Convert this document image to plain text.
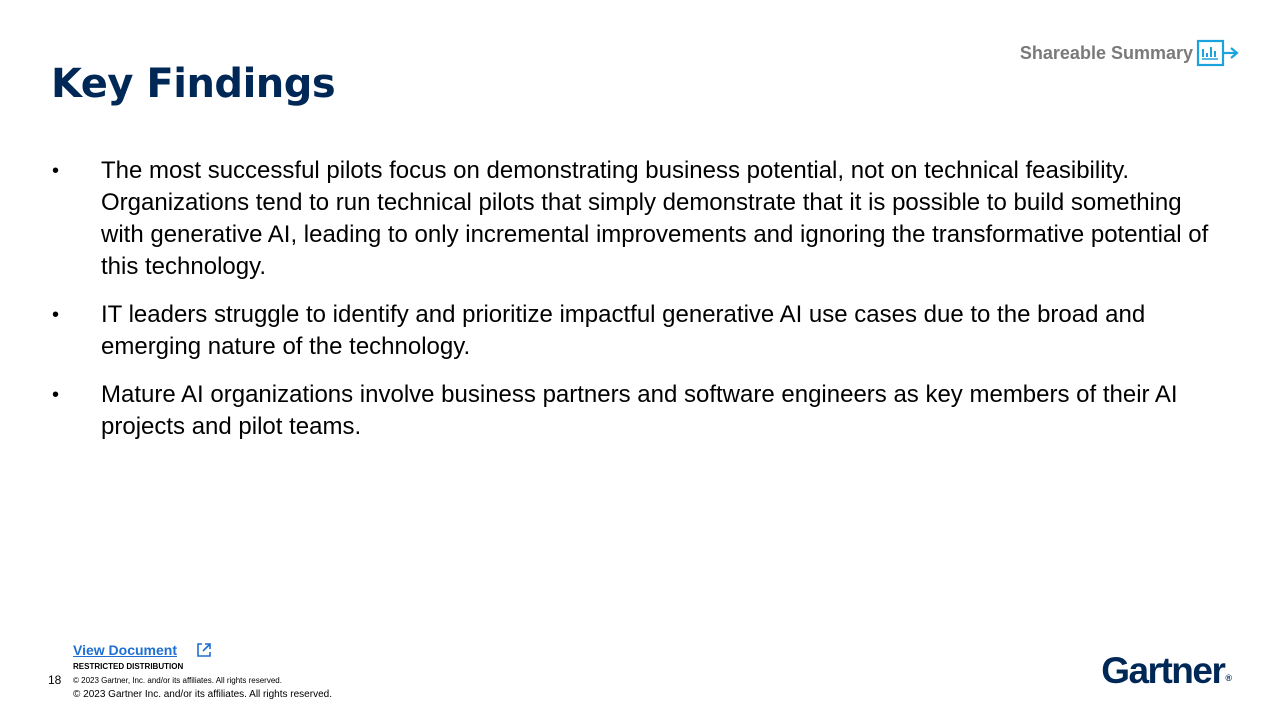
Key Findings
Shareable Summary
• The most successful pilots focus on demonstrating business potential, not on technical feasibility. Organizations tend to run technical pilots that simply demonstrate that it is possible to build something with generative AI, leading to only incremental improvements and ignoring the transformative potential of this technology.
• IT leaders struggle to identify and prioritize impactful generative AI use cases due to the broad and emerging nature of the technology.
• Mature AI organizations involve business partners and software engineers as key members of their AI projects and pilot teams.
View Document
RESTRICTED DISTRIBUTION
18 © 2023 Gartner, Inc. and/or its affiliates. All rights reserved.
© 2023 Gartner Inc. and/or its affiliates. All rights reserved.
Gartner®
